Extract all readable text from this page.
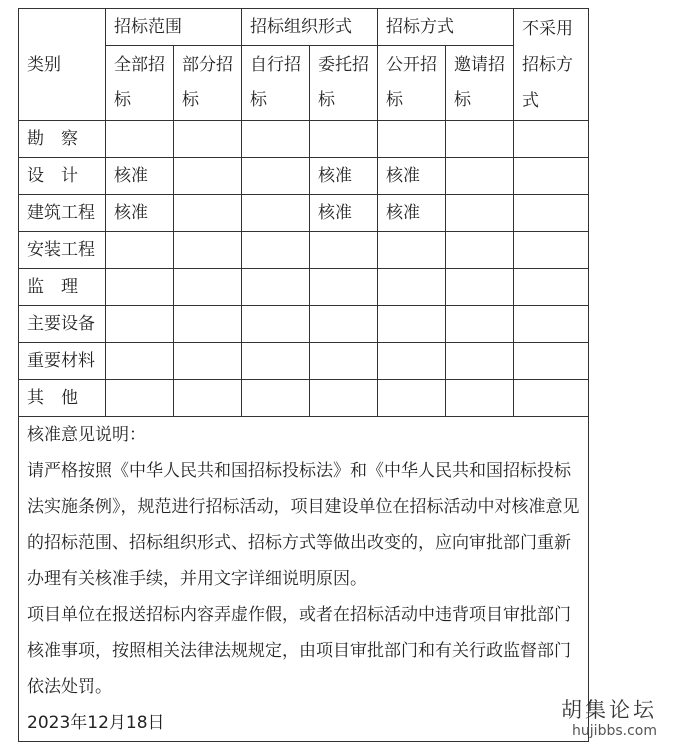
类别	招标范围		招标组织形式		招标方式		不采用招标方式
	全部招标	部分招标	自行招标	委托招标	公开招标	邀请招标	
勘　察							
设　计	核准			核准	核准		
建筑工程	核准			核准	核准		
安装工程							
监　理							
主要设备							
重要材料							
其　他							

核准意见说明：

请严格按照《中华人民共和国招标投标法》和《中华人民共和国招标投标法实施条例》，规范进行招标活动，项目建设单位在招标活动中对核准意见的招标范围、招标组织形式、招标方式等做出改变的，应向审批部门重新办理有关核准手续，并用文字详细说明原因。

项目单位在报送招标内容弄虚作假，或者在招标活动中违背项目审批部门核准事项，按照相关法律法规规定，由项目审批部门和有关行政监督部门依法处罚。

2023年12月18日							

胡集论坛
hujibbs.com
